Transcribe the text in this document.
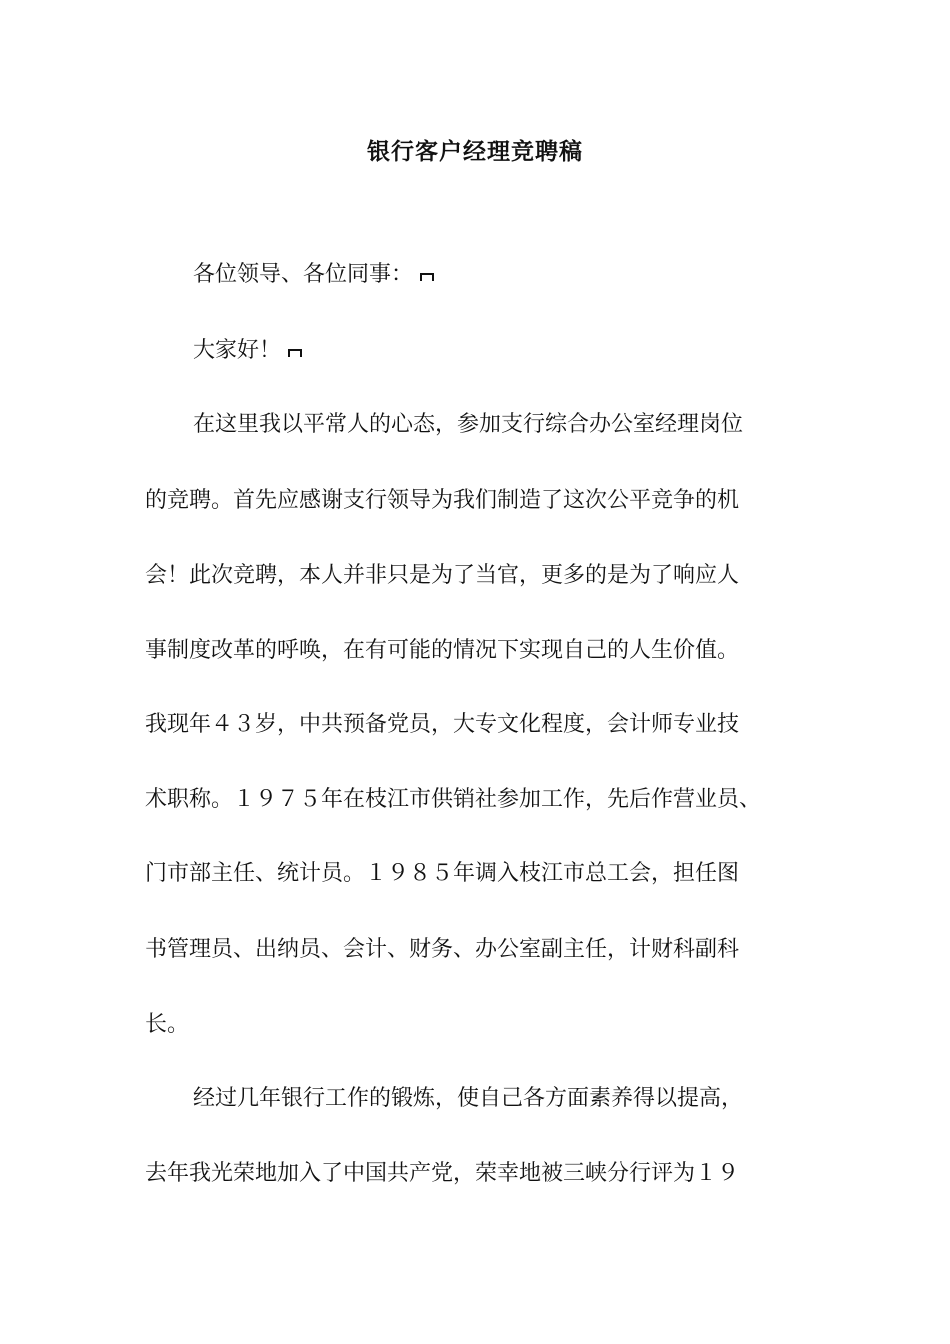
银行客户经理竞聘稿
各位领导、各位同事：
大家好！
在这里我以平常人的心态，参加支行综合办公室经理岗位
的竞聘。首先应感谢支行领导为我们制造了这次公平竞争的机
会！此次竞聘，本人并非只是为了当官，更多的是为了响应人
事制度改革的呼唤，在有可能的情况下实现自己的人生价值。
我现年４３岁，中共预备党员，大专文化程度，会计师专业技
术职称。１９７５年在枝江市供销社参加工作，先后作营业员、
门市部主任、统计员。１９８５年调入枝江市总工会，担任图
书管理员、出纳员、会计、财务、办公室副主任，计财科副科
长。
经过几年银行工作的锻炼，使自己各方面素养得以提高，
去年我光荣地加入了中国共产党，荣幸地被三峡分行评为１９
